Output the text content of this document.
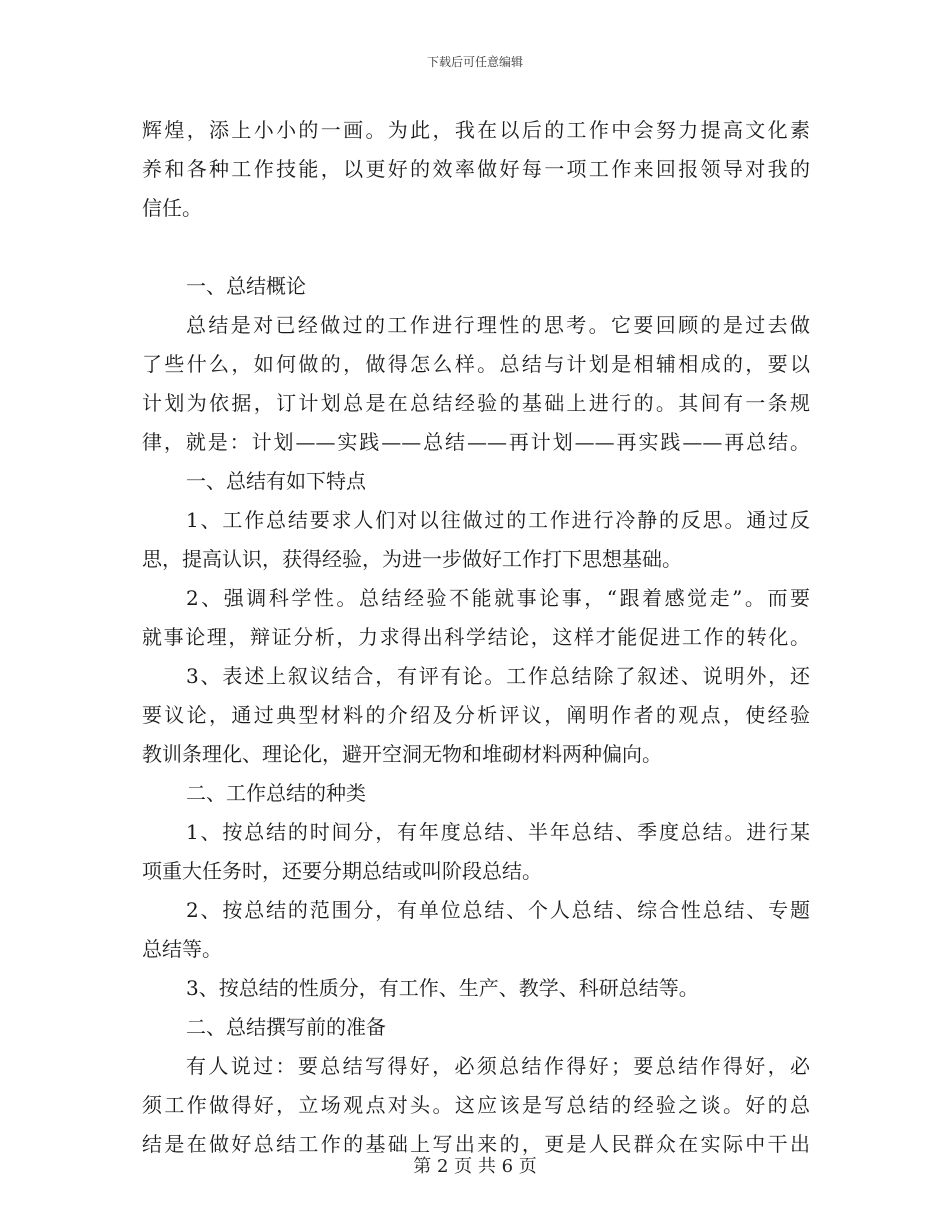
下载后可任意编辑
辉煌，添上小小的一画。为此，我在以后的工作中会努力提高文化素
养和各种工作技能，以更好的效率做好每一项工作来回报领导对我的
信任。
一、总结概论
总结是对已经做过的工作进行理性的思考。它要回顾的是过去做
了些什么，如何做的，做得怎么样。总结与计划是相辅相成的，要以
计划为依据，订计划总是在总结经验的基础上进行的。其间有一条规
律，就是：计划——实践——总结——再计划——再实践——再总结。
一、总结有如下特点
1、工作总结要求人们对以往做过的工作进行冷静的反思。通过反
思，提高认识，获得经验，为进一步做好工作打下思想基础。
2、强调科学性。总结经验不能就事论事，“跟着感觉走”。而要
就事论理，辩证分析，力求得出科学结论，这样才能促进工作的转化。
3、表述上叙议结合，有评有论。工作总结除了叙述、说明外，还
要议论，通过典型材料的介绍及分析评议，阐明作者的观点，使经验
教训条理化、理论化，避开空洞无物和堆砌材料两种偏向。
二、工作总结的种类
1、按总结的时间分，有年度总结、半年总结、季度总结。进行某
项重大任务时，还要分期总结或叫阶段总结。
2、按总结的范围分，有单位总结、个人总结、综合性总结、专题
总结等。
3、按总结的性质分，有工作、生产、教学、科研总结等。
二、总结撰写前的准备
有人说过：要总结写得好，必须总结作得好；要总结作得好，必
须工作做得好，立场观点对头。这应该是写总结的经验之谈。好的总
结是在做好总结工作的基础上写出来的，更是人民群众在实际中干出
第 2 页 共 6 页
